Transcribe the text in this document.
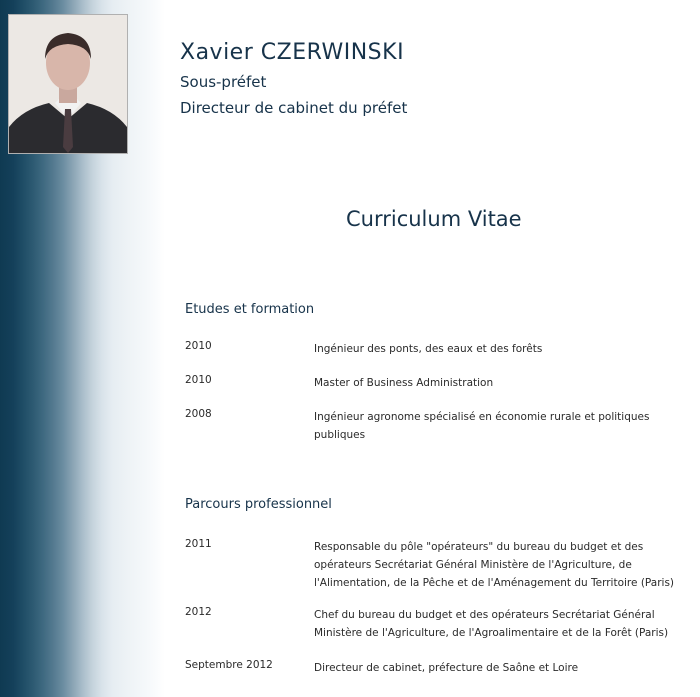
Xavier CZERWINSKI
Sous-préfet
Directeur de cabinet du préfet
Curriculum Vitae
Etudes et formation
2010	Ingénieur des ponts, des eaux et des forêts
2010	Master of Business Administration
2008	Ingénieur agronome spécialisé en économie rurale et politiques publiques
Parcours professionnel
2011	Responsable du pôle "opérateurs" du bureau du budget et des opérateurs Secrétariat Général Ministère de l'Agriculture, de l'Alimentation, de la Pêche et de l'Aménagement du Territoire (Paris)
2012	Chef du bureau du budget et des opérateurs Secrétariat Général Ministère de l'Agriculture, de l'Agroalimentaire et de la Forêt (Paris)
Septembre 2012	Directeur de cabinet, préfecture de Saône et Loire
